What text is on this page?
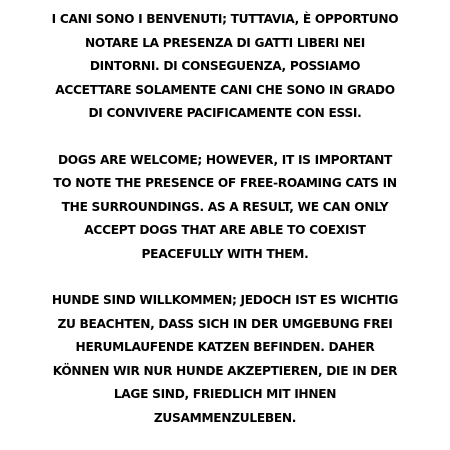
I CANI SONO I BENVENUTI; TUTTAVIA, È OPPORTUNO NOTARE LA PRESENZA DI GATTI LIBERI NEI DINTORNI. DI CONSEGUENZA, POSSIAMO ACCETTARE SOLAMENTE CANI CHE SONO IN GRADO DI CONVIVERE PACIFICAMENTE CON ESSI.

DOGS ARE WELCOME; HOWEVER, IT IS IMPORTANT TO NOTE THE PRESENCE OF FREE-ROAMING CATS IN THE SURROUNDINGS. AS A RESULT, WE CAN ONLY ACCEPT DOGS THAT ARE ABLE TO COEXIST PEACEFULLY WITH THEM.

HUNDE SIND WILLKOMMEN; JEDOCH IST ES WICHTIG ZU BEACHTEN, DASS SICH IN DER UMGEBUNG FREI HERUMLAUFENDE KATZEN BEFINDEN. DAHER KÖNNEN WIR NUR HUNDE AKZEPTIEREN, DIE IN DER LAGE SIND, FRIEDLICH MIT IHNEN ZUSAMMENZULEBEN.
